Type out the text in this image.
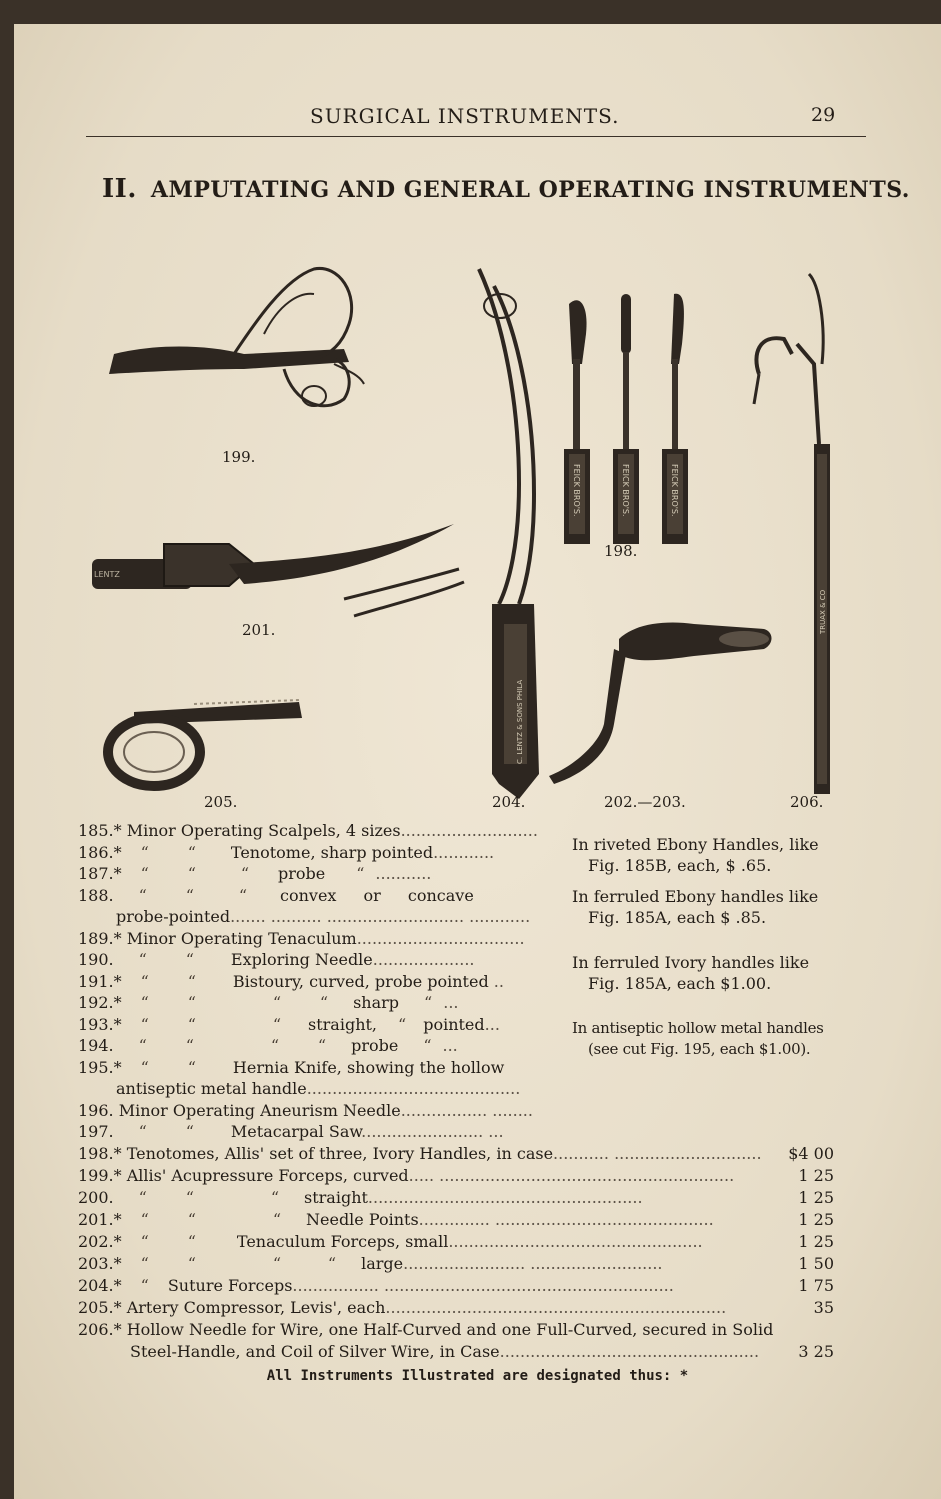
SURGICAL INSTRUMENTS.	29
II. AMPUTATING AND GENERAL OPERATING INSTRUMENTS.
199.
LENTZ
201.
205.
C. LENTZ & SONS PHILA
204.
FEICK BRO'S.	FEICK BRO'S.	FEICK BRO'S.
198.
202.—203.
TRUAX & CO
206.
185.* Minor Operating Scalpels, 4 sizes...........................
186.* “ “ Tenotome, sharp pointed............
187.* “ “	“ probe “ ...........
188. “ “	“ convex or concave
probe-pointed....... .......... ........................... ............
189.* Minor Operating Tenaculum.................................
190. “ “ Exploring Needle....................
191.* “ “ Bistoury, curved, probe pointed ..
192.* “ “	“ “ sharp “ ...
193.* “ “	“ straight, “ pointed...
194. “ “	“ “ probe “ ...
195.* “ “ Hernia Knife, showing the hollow
antiseptic metal handle..........................................
196. Minor Operating Aneurism Needle................. ........
197. “ “ Metacarpal Saw........................ ...
In riveted Ebony Handles, like
Fig. 185B, each, $ .65.
In ferruled Ebony handles like
Fig. 185A, each $ .85.
In ferruled Ivory handles like
Fig. 185A, each $1.00.
In antiseptic hollow metal handles
(see cut Fig. 195, each $1.00).
198.* Tenotomes, Allis' set of three, Ivory Handles, in case........... .............................	$4 00
199.* Allis' Acupressure Forceps, curved..... ..........................................................	1 25
200. “ “	“ straight......................................................	1 25
201.* “ “	“ Needle Points.............. ...........................................	1 25
202.* “ “	Tenaculum Forceps, small..................................................	1 25
203.* “ “	“	“ large........................ ..........................	1 50
204.* “ Suture Forceps................. .........................................................	1 75
205.* Artery Compressor, Levis', each...................................................................	35
206.* Hollow Needle for Wire, one Half-Curved and one Full-Curved, secured in Solid
Steel-Handle, and Coil of Silver Wire, in Case...................................................	3 25
All Instruments Illustrated are designated thus: *
